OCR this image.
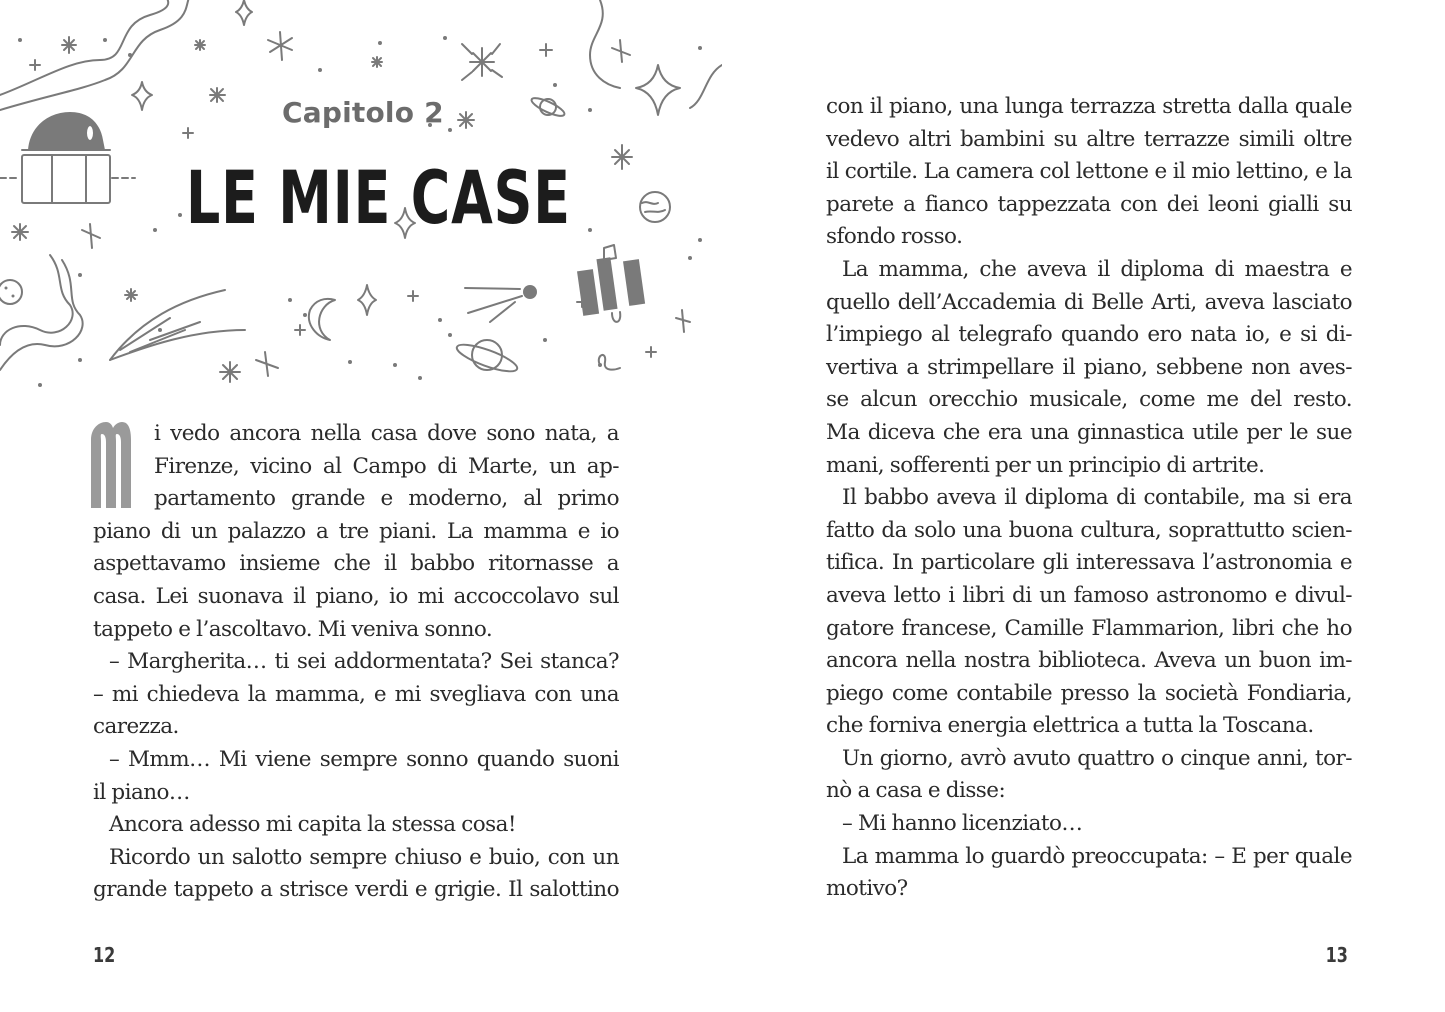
Capitolo 2
LE MIE CASE
i vedo ancora nella casa dove sono nata, a
Firenze, vicino al Campo di Marte, un ap-
partamento grande e moderno, al primo
piano di un palazzo a tre piani. La mamma e io
aspettavamo insieme che il babbo ritornasse a
casa. Lei suonava il piano, io mi accoccolavo sul
tappeto e l’ascoltavo. Mi veniva sonno.
– Margherita… ti sei addormentata? Sei stanca?
– mi chiedeva la mamma, e mi svegliava con una
carezza.
– Mmm… Mi viene sempre sonno quando suoni
il piano…
Ancora adesso mi capita la stessa cosa!
Ricordo un salotto sempre chiuso e buio, con un
grande tappeto a strisce verdi e grigie. Il salottino
12
con il piano, una lunga terrazza stretta dalla quale
vedevo altri bambini su altre terrazze simili oltre
il cortile. La camera col lettone e il mio lettino, e la
parete a fianco tappezzata con dei leoni gialli su
sfondo rosso.
La mamma, che aveva il diploma di maestra e
quello dell’Accademia di Belle Arti, aveva lasciato
l’impiego al telegrafo quando ero nata io, e si di-
vertiva a strimpellare il piano, sebbene non aves-
se alcun orecchio musicale, come me del resto.
Ma diceva che era una ginnastica utile per le sue
mani, sofferenti per un principio di artrite.
Il babbo aveva il diploma di contabile, ma si era
fatto da solo una buona cultura, soprattutto scien-
tifica. In particolare gli interessava l’astronomia e
aveva letto i libri di un famoso astronomo e divul-
gatore francese, Camille Flammarion, libri che ho
ancora nella nostra biblioteca. Aveva un buon im-
piego come contabile presso la società Fondiaria,
che forniva energia elettrica a tutta la Toscana.
Un giorno, avrò avuto quattro o cinque anni, tor-
nò a casa e disse:
– Mi hanno licenziato…
La mamma lo guardò preoccupata: – E per quale
motivo?
13
